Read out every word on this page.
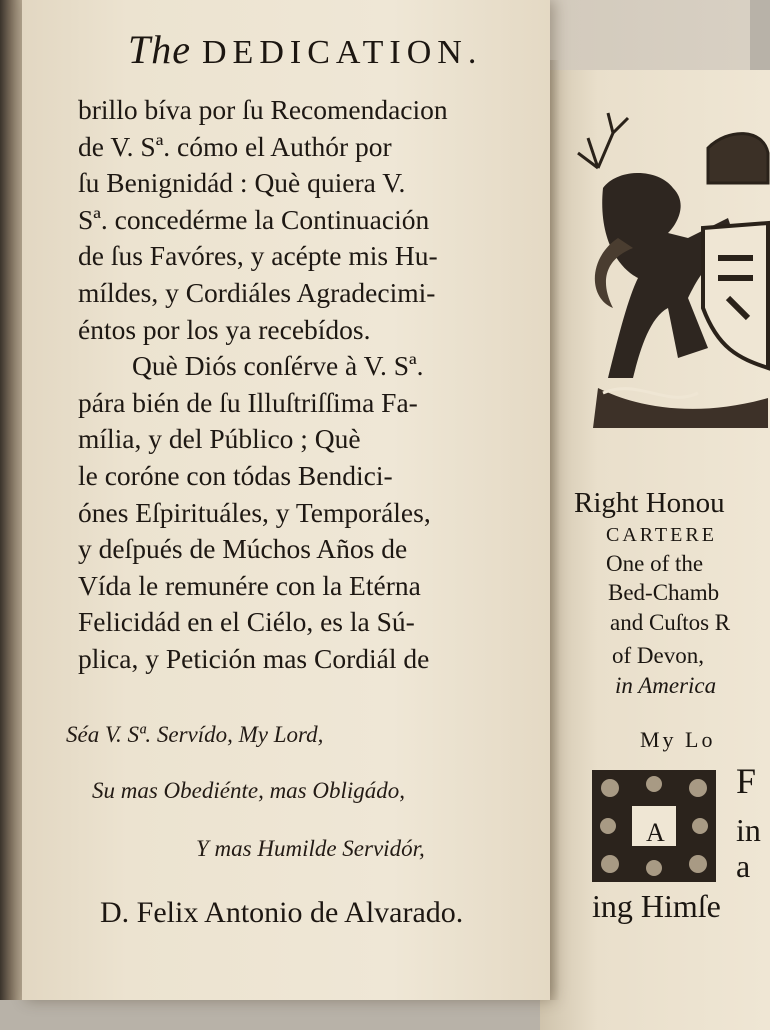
Right Honou
CARTERE
One of the
Bed-Chamb
and Cuſtos R
of Devon,
in America
My Lo
A
F
in
a
ing Himſe
The DEDICATION.
brillo bíva por ſu Recomendacion
de V. Sª. cómo el Authór por
ſu Benignidád : Què quiera V.
Sª. concedérme la Continuación
de ſus Favóres, y acépte mis Hu-
míldes, y Cordiáles Agradecimi-
éntos por los ya recebídos.
Què Diós conſérve à V. Sª.
pára bién de ſu Illuſtriſſima Fa-
mília, y del Público ; Què
le coróne con tódas Bendici-
ónes Eſpirituáles, y Temporáles,
y deſpués de Múchos Años de
Vída le remunére con la Etérna
Felicidád en el Ciélo, es la Sú-
plica, y Petición mas Cordiál de
Séa V. Sª. Servído, My Lord,
Su mas Obediénte, mas Obligádo,
Y mas Humilde Servidór,
D. Felix Antonio de Alvarado.
